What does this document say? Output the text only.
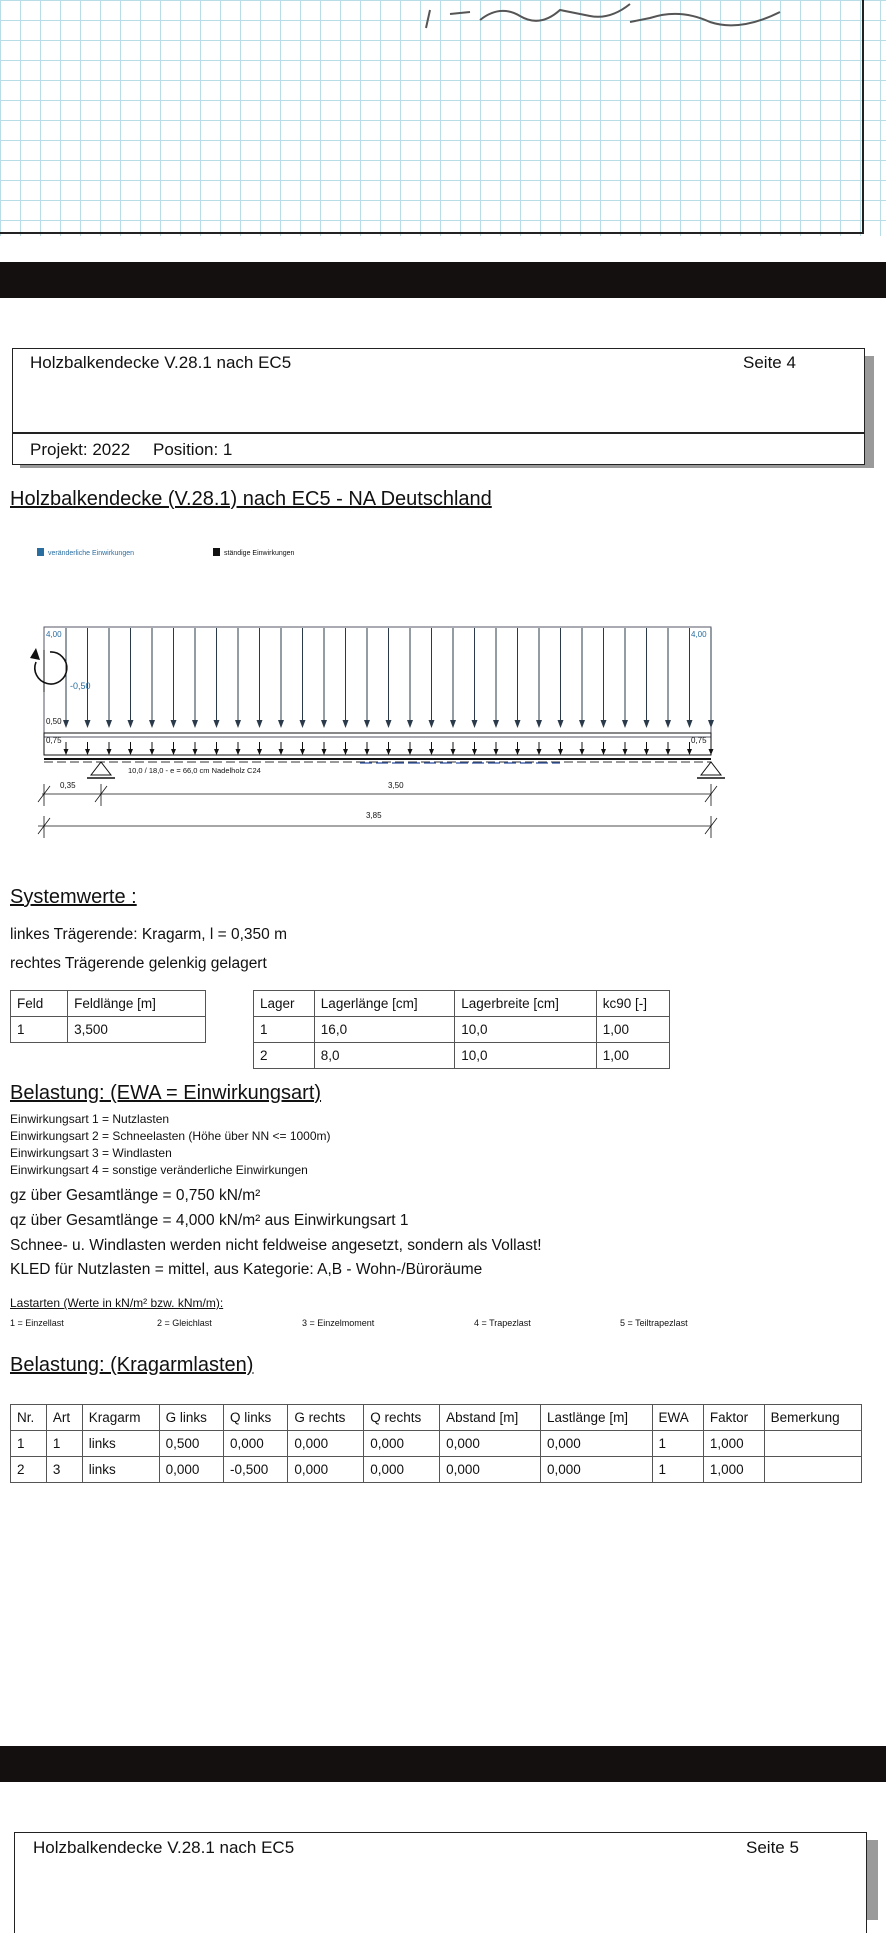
Holzbalkendecke V.28.1 nach EC5	Seite 4
Projekt: 2022 Position: 1
Holzbalkendecke (V.28.1) nach EC5 - NA Deutschland
veränderliche Einwirkungen	ständige Einwirkungen
4,00	4,00
-0,50
0,50
0,75	0,75
10,0 / 18,0 - e = 66,0 cm Nadelholz C24
0,35	3,50
3,85
Systemwerte :
linkes Trägerende: Kragarm, l = 0,350 m
rechtes Trägerende gelenkig gelagert
Feld	Feldlänge [m]
1	3,500
Lager	Lagerlänge [cm]	Lagerbreite [cm]	kc90 [-]
1	16,0	10,0	1,00
2	8,0	10,0	1,00
Belastung: (EWA = Einwirkungsart)
Einwirkungsart 1 = Nutzlasten
Einwirkungsart 2 = Schneelasten (Höhe über NN <= 1000m)
Einwirkungsart 3 = Windlasten
Einwirkungsart 4 = sonstige veränderliche Einwirkungen
gz über Gesamtlänge = 0,750 kN/m²
qz über Gesamtlänge = 4,000 kN/m² aus Einwirkungsart 1
Schnee- u. Windlasten werden nicht feldweise angesetzt, sondern als Vollast!
KLED für Nutzlasten = mittel, aus Kategorie: A,B - Wohn-/Büroräume
Lastarten (Werte in kN/m² bzw. kNm/m):
1 = Einzellast	2 = Gleichlast	3 = Einzelmoment	4 = Trapezlast	5 = Teiltrapezlast
Belastung: (Kragarmlasten)
Nr.	Art	Kragarm	G links	Q links	G rechts	Q rechts	Abstand [m]	Lastlänge [m]	EWA	Faktor	Bemerkung
1	1	links	0,500	0,000	0,000	0,000	0,000	0,000	1	1,000	
2	3	links	0,000	-0,500	0,000	0,000	0,000	0,000	1	1,000	
Holzbalkendecke V.28.1 nach EC5	Seite 5
